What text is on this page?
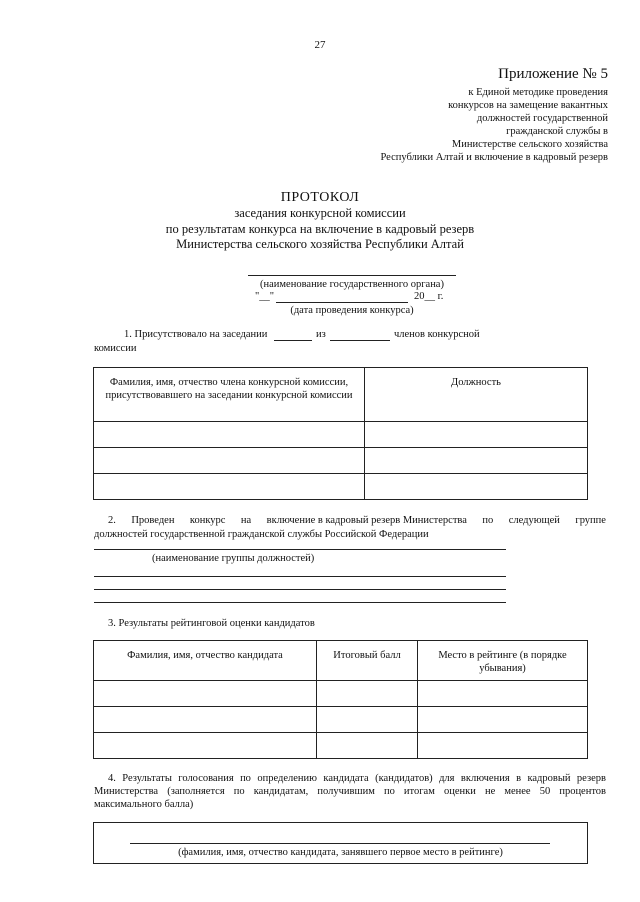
27
Приложение № 5
к Единой методике проведения
конкурсов на замещение вакантных
должностей государственной
гражданской службы в
Министерстве сельского хозяйства
Республики Алтай и включение в кадровый резерв
ПРОТОКОЛ
заседания конкурсной комиссии
по результатам конкурса на включение в кадровый резерв
Министерства сельского хозяйства Республики Алтай
(наименование государственного органа)
"__"	20__ г.
(дата проведения конкурса)
1. Присутствовало на заседании	из	членов конкурсной
комиссии
Фамилия, имя, отчество члена конкурсной комиссии, присутствовавшего на заседании конкурсной комиссии	Должность

2. Проведен конкурс на включение в кадровый резерв Министерства по следующей группе
должностей государственной гражданской службы Российской Федерации
(наименование группы должностей)
3. Результаты рейтинговой оценки кандидатов
Фамилия, имя, отчество кандидата	Итоговый балл	Место в рейтинге (в порядке убывания)

4. Результаты голосования по определению кандидата (кандидатов) для включения в кадровый резерв
Министерства (заполняется по кандидатам, получившим по итогам оценки не менее 50 процентов
максимального балла)
(фамилия, имя, отчество кандидата, занявшего первое место в рейтинге)
